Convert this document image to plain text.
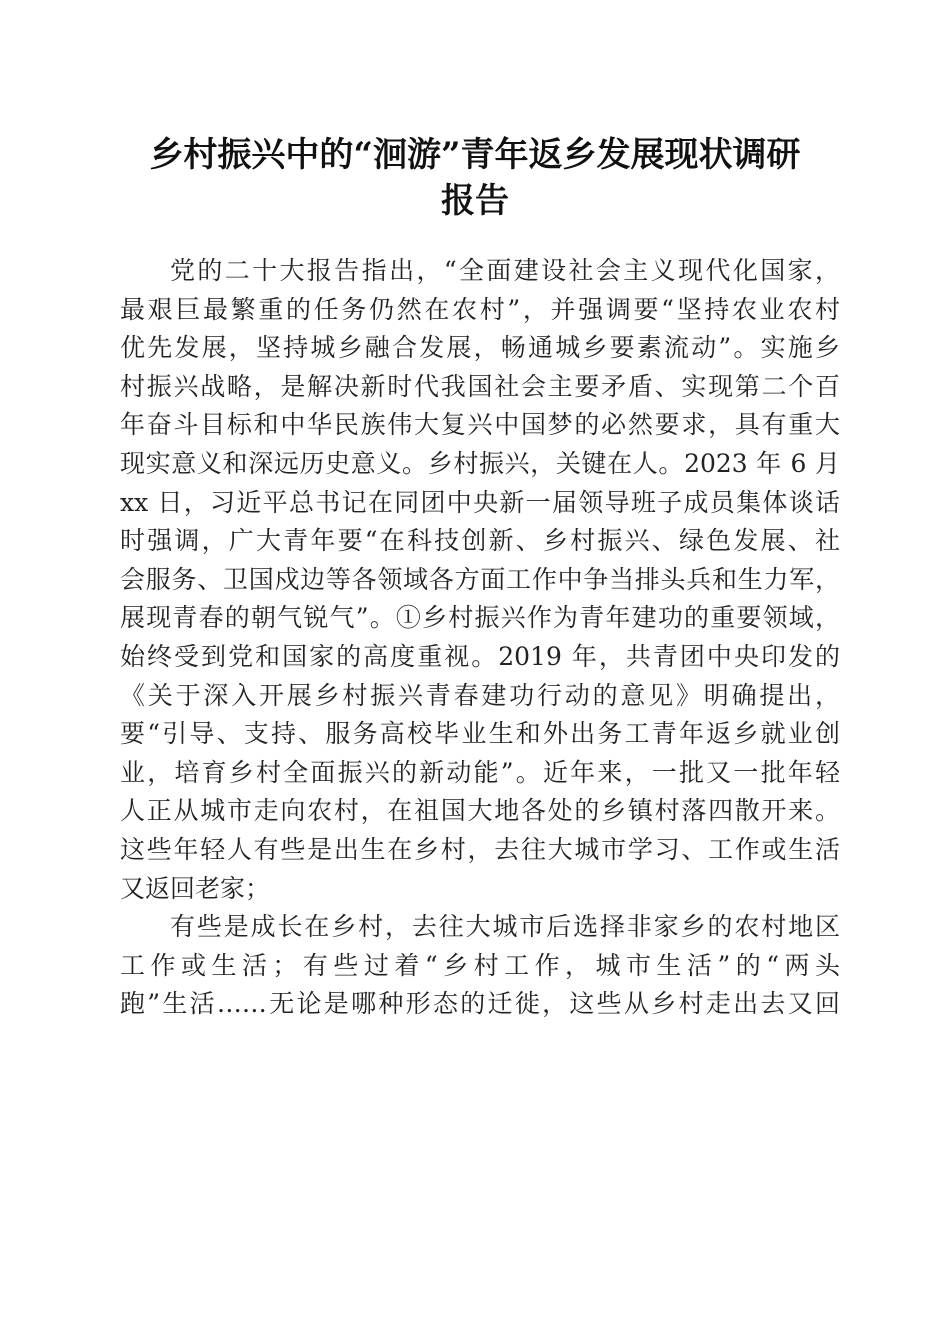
乡村振兴中的“洄游”青年返乡发展现状调研
报告

党的二十大报告指出，“全面建设社会主义现代化国家，
最艰巨最繁重的任务仍然在农村”，并强调要“坚持农业农村
优先发展，坚持城乡融合发展，畅通城乡要素流动”。实施乡
村振兴战略，是解决新时代我国社会主要矛盾、实现第二个百
年奋斗目标和中华民族伟大复兴中国梦的必然要求，具有重大
现实意义和深远历史意义。乡村振兴，关键在人。2023 年 6 月
xx 日，习近平总书记在同团中央新一届领导班子成员集体谈话
时强调，广大青年要“在科技创新、乡村振兴、绿色发展、社
会服务、卫国戍边等各领域各方面工作中争当排头兵和生力军，
展现青春的朝气锐气”。①乡村振兴作为青年建功的重要领域，
始终受到党和国家的高度重视。2019 年，共青团中央印发的
《关于深入开展乡村振兴青春建功行动的意见》明确提出，
要“引导、支持、服务高校毕业生和外出务工青年返乡就业创
业，培育乡村全面振兴的新动能”。近年来，一批又一批年轻
人正从城市走向农村，在祖国大地各处的乡镇村落四散开来。
这些年轻人有些是出生在乡村，去往大城市学习、工作或生活
又返回老家；

有些是成长在乡村，去往大城市后选择非家乡的农村地区
工作或生活；有些过着“乡村工作，城市生活”的“两头
跑”生活……无论是哪种形态的迁徙，这些从乡村走出去又回
